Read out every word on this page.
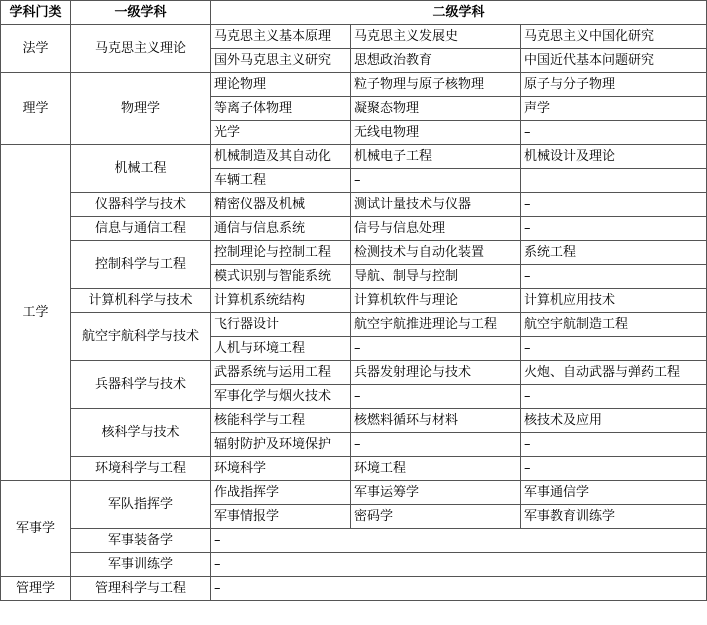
学科门类	一级学科	二级学科		
法学	马克思主义理论	马克思主义基本原理	马克思主义发展史	马克思主义中国化研究
		国外马克思主义研究	思想政治教育	中国近代基本问题研究
理学	物理学	理论物理	粒子物理与原子核物理	原子与分子物理
		等离子体物理	凝聚态物理	声学
		光学	无线电物理	–
工学	机械工程	机械制造及其自动化	机械电子工程	机械设计及理论
		车辆工程	–	
	仪器科学与技术	精密仪器及机械	测试计量技术与仪器	–
	信息与通信工程	通信与信息系统	信号与信息处理	–
	控制科学与工程	控制理论与控制工程	检测技术与自动化装置	系统工程
		模式识别与智能系统	导航、制导与控制	–
	计算机科学与技术	计算机系统结构	计算机软件与理论	计算机应用技术
	航空宇航科学与技术	飞行器设计	航空宇航推进理论与工程	航空宇航制造工程
		人机与环境工程	–	–
	兵器科学与技术	武器系统与运用工程	兵器发射理论与技术	火炮、自动武器与弹药工程
		军事化学与烟火技术	–	–
	核科学与技术	核能科学与工程	核燃料循环与材料	核技术及应用
		辐射防护及环境保护	–	–
	环境科学与工程	环境科学	环境工程	–
军事学	军队指挥学	作战指挥学	军事运筹学	军事通信学
		军事情报学	密码学	军事教育训练学
	军事装备学	–		
	军事训练学	–		
管理学	管理科学与工程	–		
